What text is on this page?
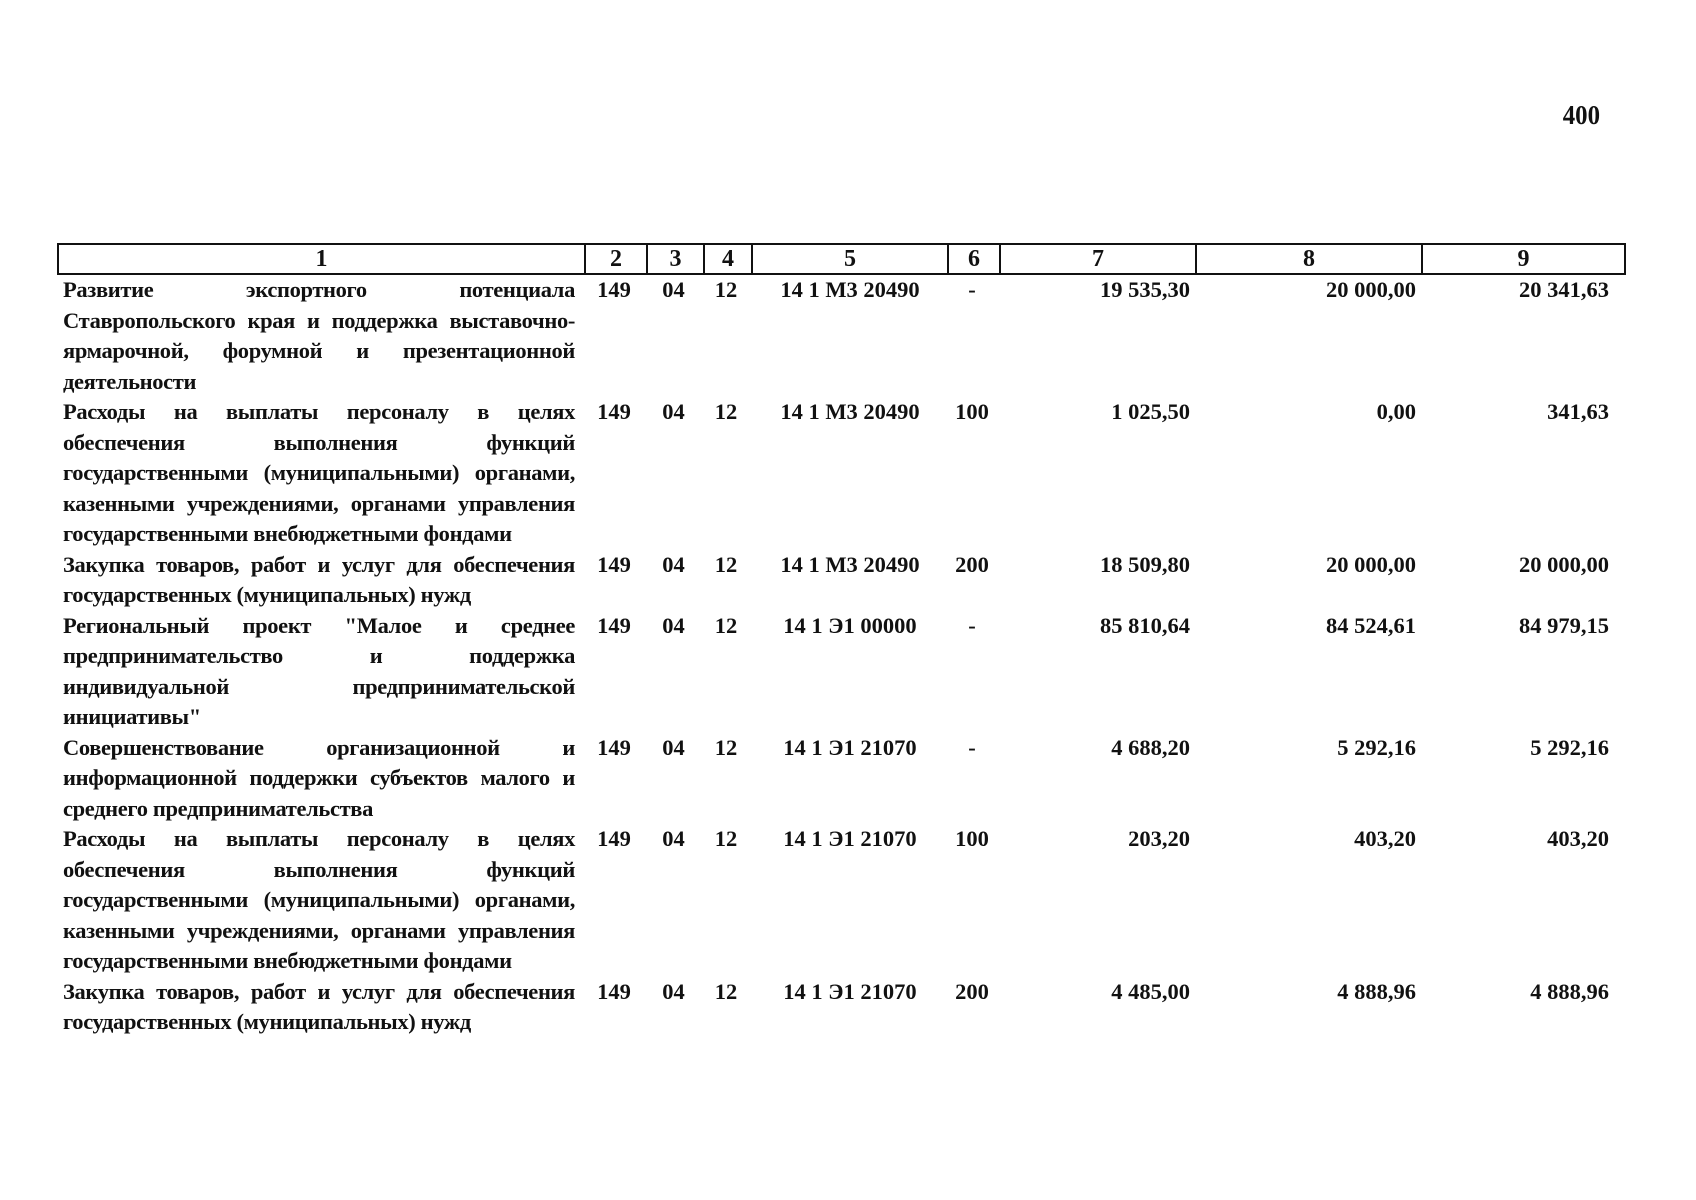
400
1	2	3	4	5	6	7	8	9
Развитие экспортного потенциала Ставропольского края и поддержка выставочно-ярмарочной, форумной и презентационной деятельности	149	04	12	14 1 М3 20490	-	19 535,30	20 000,00	20 341,63
Расходы на выплаты персоналу в целях обеспечения выполнения функций государственными (муниципальными) органами, казенными учреждениями, органами управления государственными внебюджетными фондами	149	04	12	14 1 М3 20490	100	1 025,50	0,00	341,63
Закупка товаров, работ и услуг для обеспечения государственных (муниципальных) нужд	149	04	12	14 1 М3 20490	200	18 509,80	20 000,00	20 000,00
Региональный проект "Малое и среднее предпринимательство и поддержка индивидуальной предпринимательской инициативы"	149	04	12	14 1 Э1 00000	-	85 810,64	84 524,61	84 979,15
Совершенствование организационной и информационной поддержки субъектов малого и среднего предпринимательства	149	04	12	14 1 Э1 21070	-	4 688,20	5 292,16	5 292,16
Расходы на выплаты персоналу в целях обеспечения выполнения функций государственными (муниципальными) органами, казенными учреждениями, органами управления государственными внебюджетными фондами	149	04	12	14 1 Э1 21070	100	203,20	403,20	403,20
Закупка товаров, работ и услуг для обеспечения государственных (муниципальных) нужд	149	04	12	14 1 Э1 21070	200	4 485,00	4 888,96	4 888,96
